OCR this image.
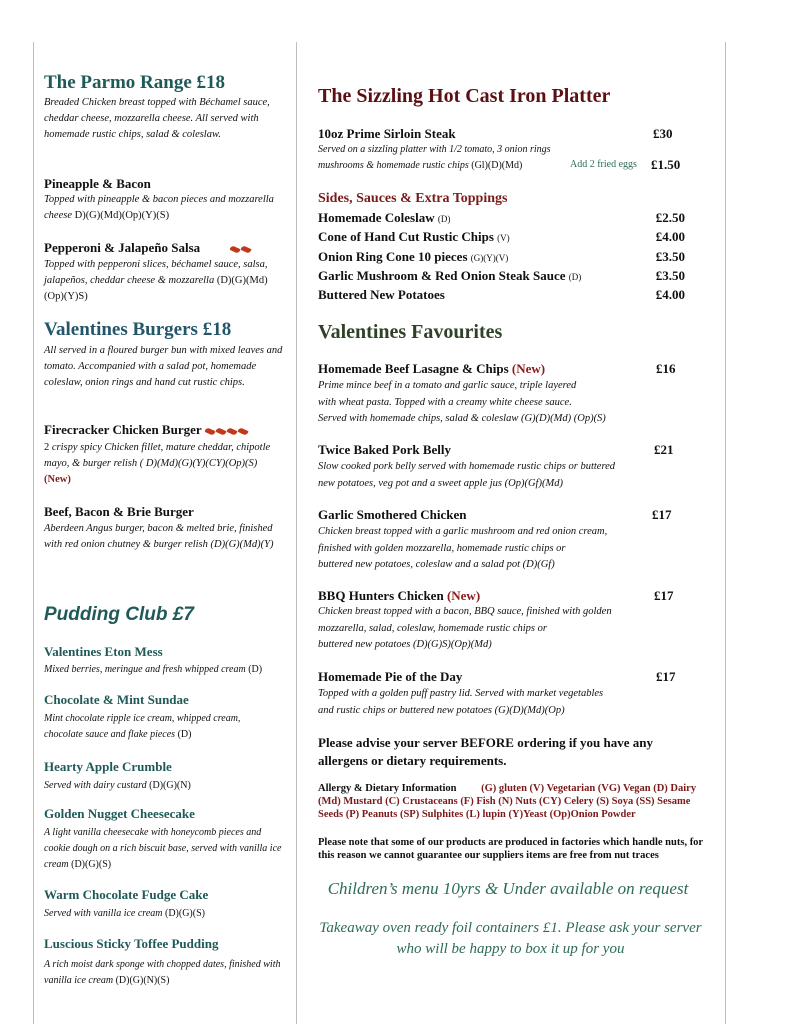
The Parmo Range £18
Breaded Chicken breast topped with Béchamel sauce, cheddar cheese, mozzarella cheese. All served with homemade rustic chips, salad & coleslaw.
Pineapple & Bacon
Topped with pineapple & bacon pieces and mozzarella cheese D)(G)(Md)(Op)(Y)(S)
Pepperoni & Jalapeño Salsa
Topped with pepperoni slices, béchamel sauce, salsa, jalapeños, cheddar cheese & mozzarella (D)(G)(Md)(Op)(Y)S)
Valentines Burgers £18
All served in a floured burger bun with mixed leaves and tomato. Accompanied with a salad pot, homemade coleslaw, onion rings and hand cut rustic chips.
Firecracker Chicken Burger
2 crispy spicy Chicken fillet, mature cheddar, chipotle mayo, & burger relish ( D)(Md)(G)(Y)(CY)(Op)(S) (New)
Beef, Bacon & Brie Burger
Aberdeen Angus burger, bacon & melted brie, finished with red onion chutney & burger relish (D)(G)(Md)(Y)
Pudding Club £7
Valentines Eton Mess
Mixed berries, meringue and fresh whipped cream (D)
Chocolate & Mint Sundae
Mint chocolate ripple ice cream, whipped cream, chocolate sauce and flake pieces (D)
Hearty Apple Crumble
Served with dairy custard (D)(G)(N)
Golden Nugget Cheesecake
A light vanilla cheesecake with honeycomb pieces and cookie dough on a rich biscuit base, served with vanilla ice cream (D)(G)(S)
Warm Chocolate Fudge Cake
Served with vanilla ice cream (D)(G)(S)
Luscious Sticky Toffee Pudding
A rich moist dark sponge with chopped dates, finished with vanilla ice cream (D)(G)(N)(S)
The Sizzling Hot Cast Iron Platter
10oz Prime Sirloin Steak	£30
Served on a sizzling platter with 1/2 tomato, 3 onion rings
mushrooms & homemade rustic chips (Gl)(D)(Md)	Add 2 fried eggs £1.50
Sides, Sauces & Extra Toppings
Homemade Coleslaw (D)	£2.50
Cone of Hand Cut Rustic Chips (V)	£4.00
Onion Ring Cone 10 pieces (G)(Y)(V)	£3.50
Garlic Mushroom & Red Onion Steak Sauce (D)	£3.50
Buttered New Potatoes	£4.00
Valentines Favourites
Homemade Beef Lasagne & Chips (New)	£16
Prime mince beef in a tomato and garlic sauce, triple layered
with wheat pasta. Topped with a creamy white cheese sauce.
Served with homemade chips, salad & coleslaw (G)(D)(Md) (Op)(S)
Twice Baked Pork Belly	£21
Slow cooked pork belly served with homemade rustic chips or buttered
new potatoes, veg pot and a sweet apple jus (Op)(Gf)(Md)
Garlic Smothered Chicken	£17
Chicken breast topped with a garlic mushroom and red onion cream,
finished with golden mozzarella, homemade rustic chips or
buttered new potatoes, coleslaw and a salad pot (D)(Gf)
BBQ Hunters Chicken (New)	£17
Chicken breast topped with a bacon, BBQ sauce, finished with golden
mozzarella, salad, coleslaw, homemade rustic chips or
buttered new potatoes (D)(G)S)(Op)(Md)
Homemade Pie of the Day	£17
Topped with a golden puff pastry lid. Served with market vegetables
and rustic chips or buttered new potatoes (G)(D)(Md)(Op)
Please advise your server BEFORE ordering if you have any allergens or dietary requirements.
Allergy & Dietary Information (G) gluten (V) Vegetarian (VG) Vegan (D) Dairy (Md) Mustard (C) Crustaceans (F) Fish (N) Nuts (CY) Celery (S) Soya (SS) Sesame Seeds (P) Peanuts (SP) Sulphites (L) lupin (Y)Yeast (Op)Onion Powder
Please note that some of our products are produced in factories which handle nuts, for this reason we cannot guarantee our suppliers items are free from nut traces
Children’s menu 10yrs & Under available on request
Takeaway oven ready foil containers £1. Please ask your server who will be happy to box it up for you
